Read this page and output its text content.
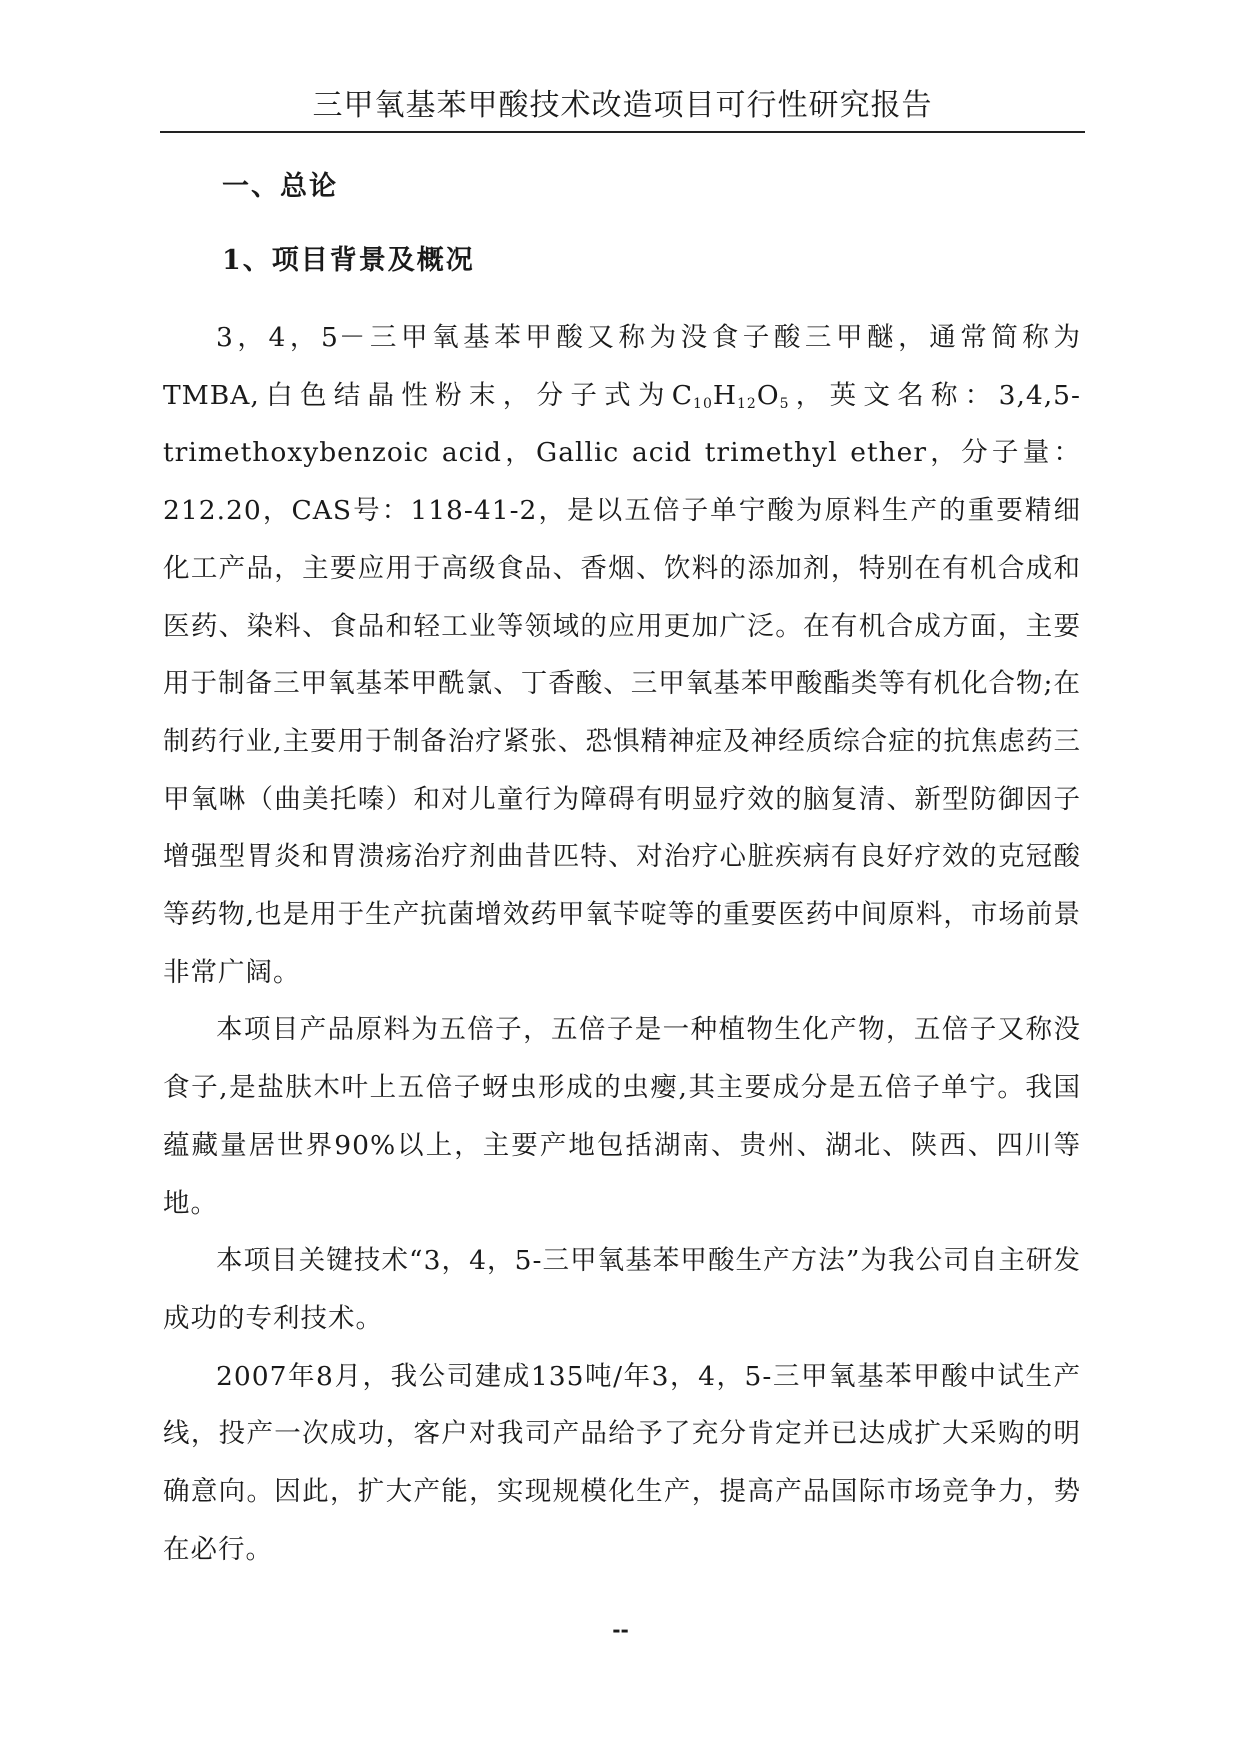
三甲氧基苯甲酸技术改造项目可行性研究报告
一、总论
1、项目背景及概况

3，4，5－三甲氧基苯甲酸又称为没食子酸三甲醚，通常简称为TMBA,白色结晶性粉末，分子式为$C_{10}H_{12}O_5$，英文名称：3,4,5-trimethoxybenzoic acid，Gallic acid trimethyl ether，分子量：212.20，CAS号：118-41-2，是以五倍子单宁酸为原料生产的重要精细化工产品，主要应用于高级食品、香烟、饮料的添加剂，特别在有机合成和医药、染料、食品和轻工业等领域的应用更加广泛。在有机合成方面，主要用于制备三甲氧基苯甲酰氯、丁香酸、三甲氧基苯甲酸酯类等有机化合物;在制药行业,主要用于制备治疗紧张、恐惧精神症及神经质综合症的抗焦虑药三甲氧啉（曲美托嗪）和对儿童行为障碍有明显疗效的脑复清、新型防御因子增强型胃炎和胃溃疡治疗剂曲昔匹特、对治疗心脏疾病有良好疗效的克冠酸等药物,也是用于生产抗菌增效药甲氧苄啶等的重要医药中间原料，市场前景非常广阔。

本项目产品原料为五倍子，五倍子是一种植物生化产物，五倍子又称没食子,是盐肤木叶上五倍子蚜虫形成的虫瘿,其主要成分是五倍子单宁。我国蕴藏量居世界90%以上，主要产地包括湖南、贵州、湖北、陕西、四川等地。

本项目关键技术“3，4，5-三甲氧基苯甲酸生产方法”为我公司自主研发成功的专利技术。

2007年8月，我公司建成135吨/年3，4，5-三甲氧基苯甲酸中试生产线，投产一次成功，客户对我司产品给予了充分肯定并已达成扩大采购的明确意向。因此，扩大产能，实现规模化生产，提高产品国际市场竞争力，势在必行。

--
